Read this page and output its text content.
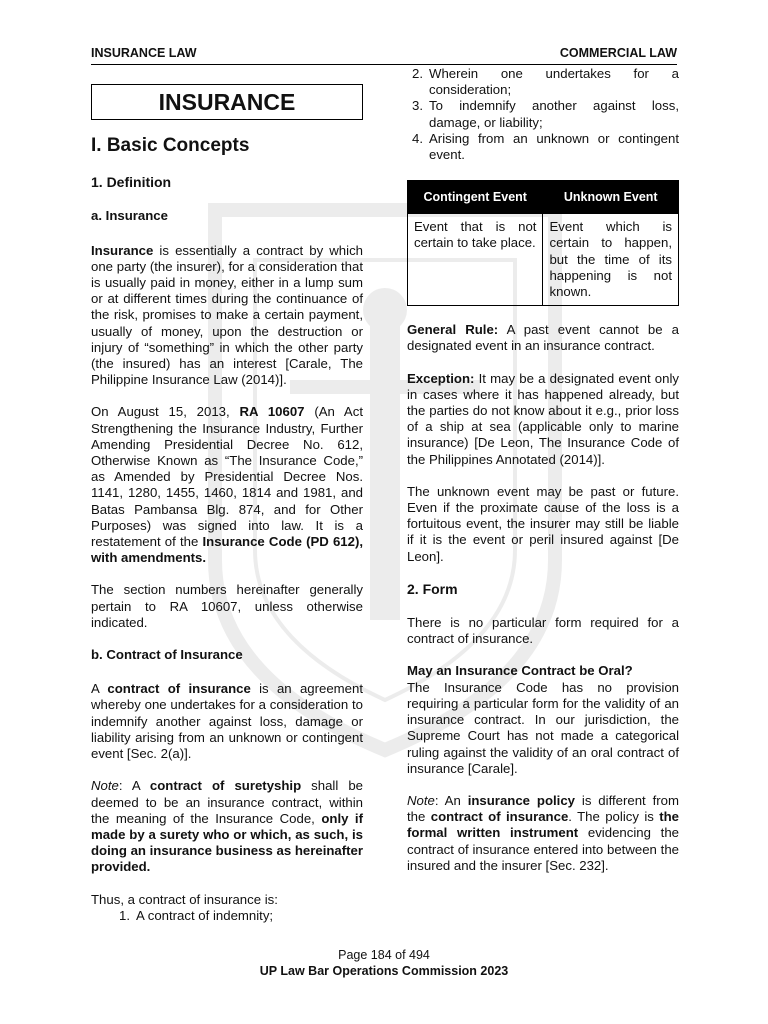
INSURANCE LAW	COMMERCIAL LAW
INSURANCE
I. Basic Concepts
1. Definition
a. Insurance

Insurance is essentially a contract by which one party (the insurer), for a consideration that is usually paid in money, either in a lump sum or at different times during the continuance of the risk, promises to make a certain payment, usually of money, upon the destruction or injury of “something” in which the other party (the insured) has an interest [Carale, The Philippine Insurance Law (2014)].

On August 15, 2013, RA 10607 (An Act Strengthening the Insurance Industry, Further Amending Presidential Decree No. 612, Otherwise Known as “The Insurance Code,” as Amended by Presidential Decree Nos. 1141, 1280, 1455, 1460, 1814 and 1981, and Batas Pambansa Blg. 874, and for Other Purposes) was signed into law. It is a restatement of the Insurance Code (PD 612), with amendments.

The section numbers hereinafter generally pertain to RA 10607, unless otherwise indicated.

b. Contract of Insurance

A contract of insurance is an agreement whereby one undertakes for a consideration to indemnify another against loss, damage or liability arising from an unknown or contingent event [Sec. 2(a)].

Note: A contract of suretyship shall be deemed to be an insurance contract, within the meaning of the Insurance Code, only if made by a surety who or which, as such, is doing an insurance business as hereinafter provided.

Thus, a contract of insurance is:

1. A contract of indemnity;
2. Wherein one undertakes for a consideration;
3. To indemnify another against loss, damage, or liability;
4. Arising from an unknown or contingent event.
Contingent Event	Unknown Event
Event that is not certain to take place.	Event which is certain to happen, but the time of its happening is not known.

General Rule: A past event cannot be a designated event in an insurance contract.

Exception: It may be a designated event only in cases where it has happened already, but the parties do not know about it e.g., prior loss of a ship at sea (applicable only to marine insurance) [De Leon, The Insurance Code of the Philippines Annotated (2014)].

The unknown event may be past or future. Even if the proximate cause of the loss is a fortuitous event, the insurer may still be liable if it is the event or peril insured against [De Leon].

2. Form

There is no particular form required for a contract of insurance.

May an Insurance Contract be Oral?

The Insurance Code has no provision requiring a particular form for the validity of an insurance contract. In our jurisdiction, the Supreme Court has not made a categorical ruling against the validity of an oral contract of insurance [Carale].

Note: An insurance policy is different from the contract of insurance. The policy is the formal written instrument evidencing the contract of insurance entered into between the insured and the insurer [Sec. 232].

Page 184 of 494
UP Law Bar Operations Commission 2023
